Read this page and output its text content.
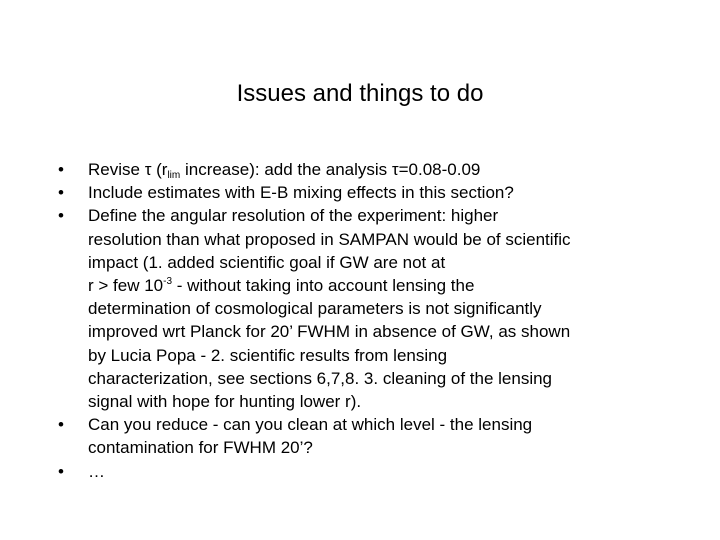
Issues and things to do
•	Revise τ ($r_{lim}$ increase): add the analysis τ=0.08-0.09
•	Include estimates with E-B mixing effects in this section?
•	Define the angular resolution of the experiment: higher
resolution than what proposed in SAMPAN would be of scientific
impact (1. added scientific goal if GW are not at
r > few $10^{-3}$ - without taking into account lensing the
determination of cosmological parameters is not significantly
improved wrt Planck for 20’ FWHM in absence of GW, as shown
by Lucia Popa - 2. scientific results from lensing
characterization, see sections 6,7,8. 3. cleaning of the lensing
signal with hope for hunting lower r).
•	Can you reduce - can you clean at which level - the lensing
contamination for FWHM 20’?
•	…
